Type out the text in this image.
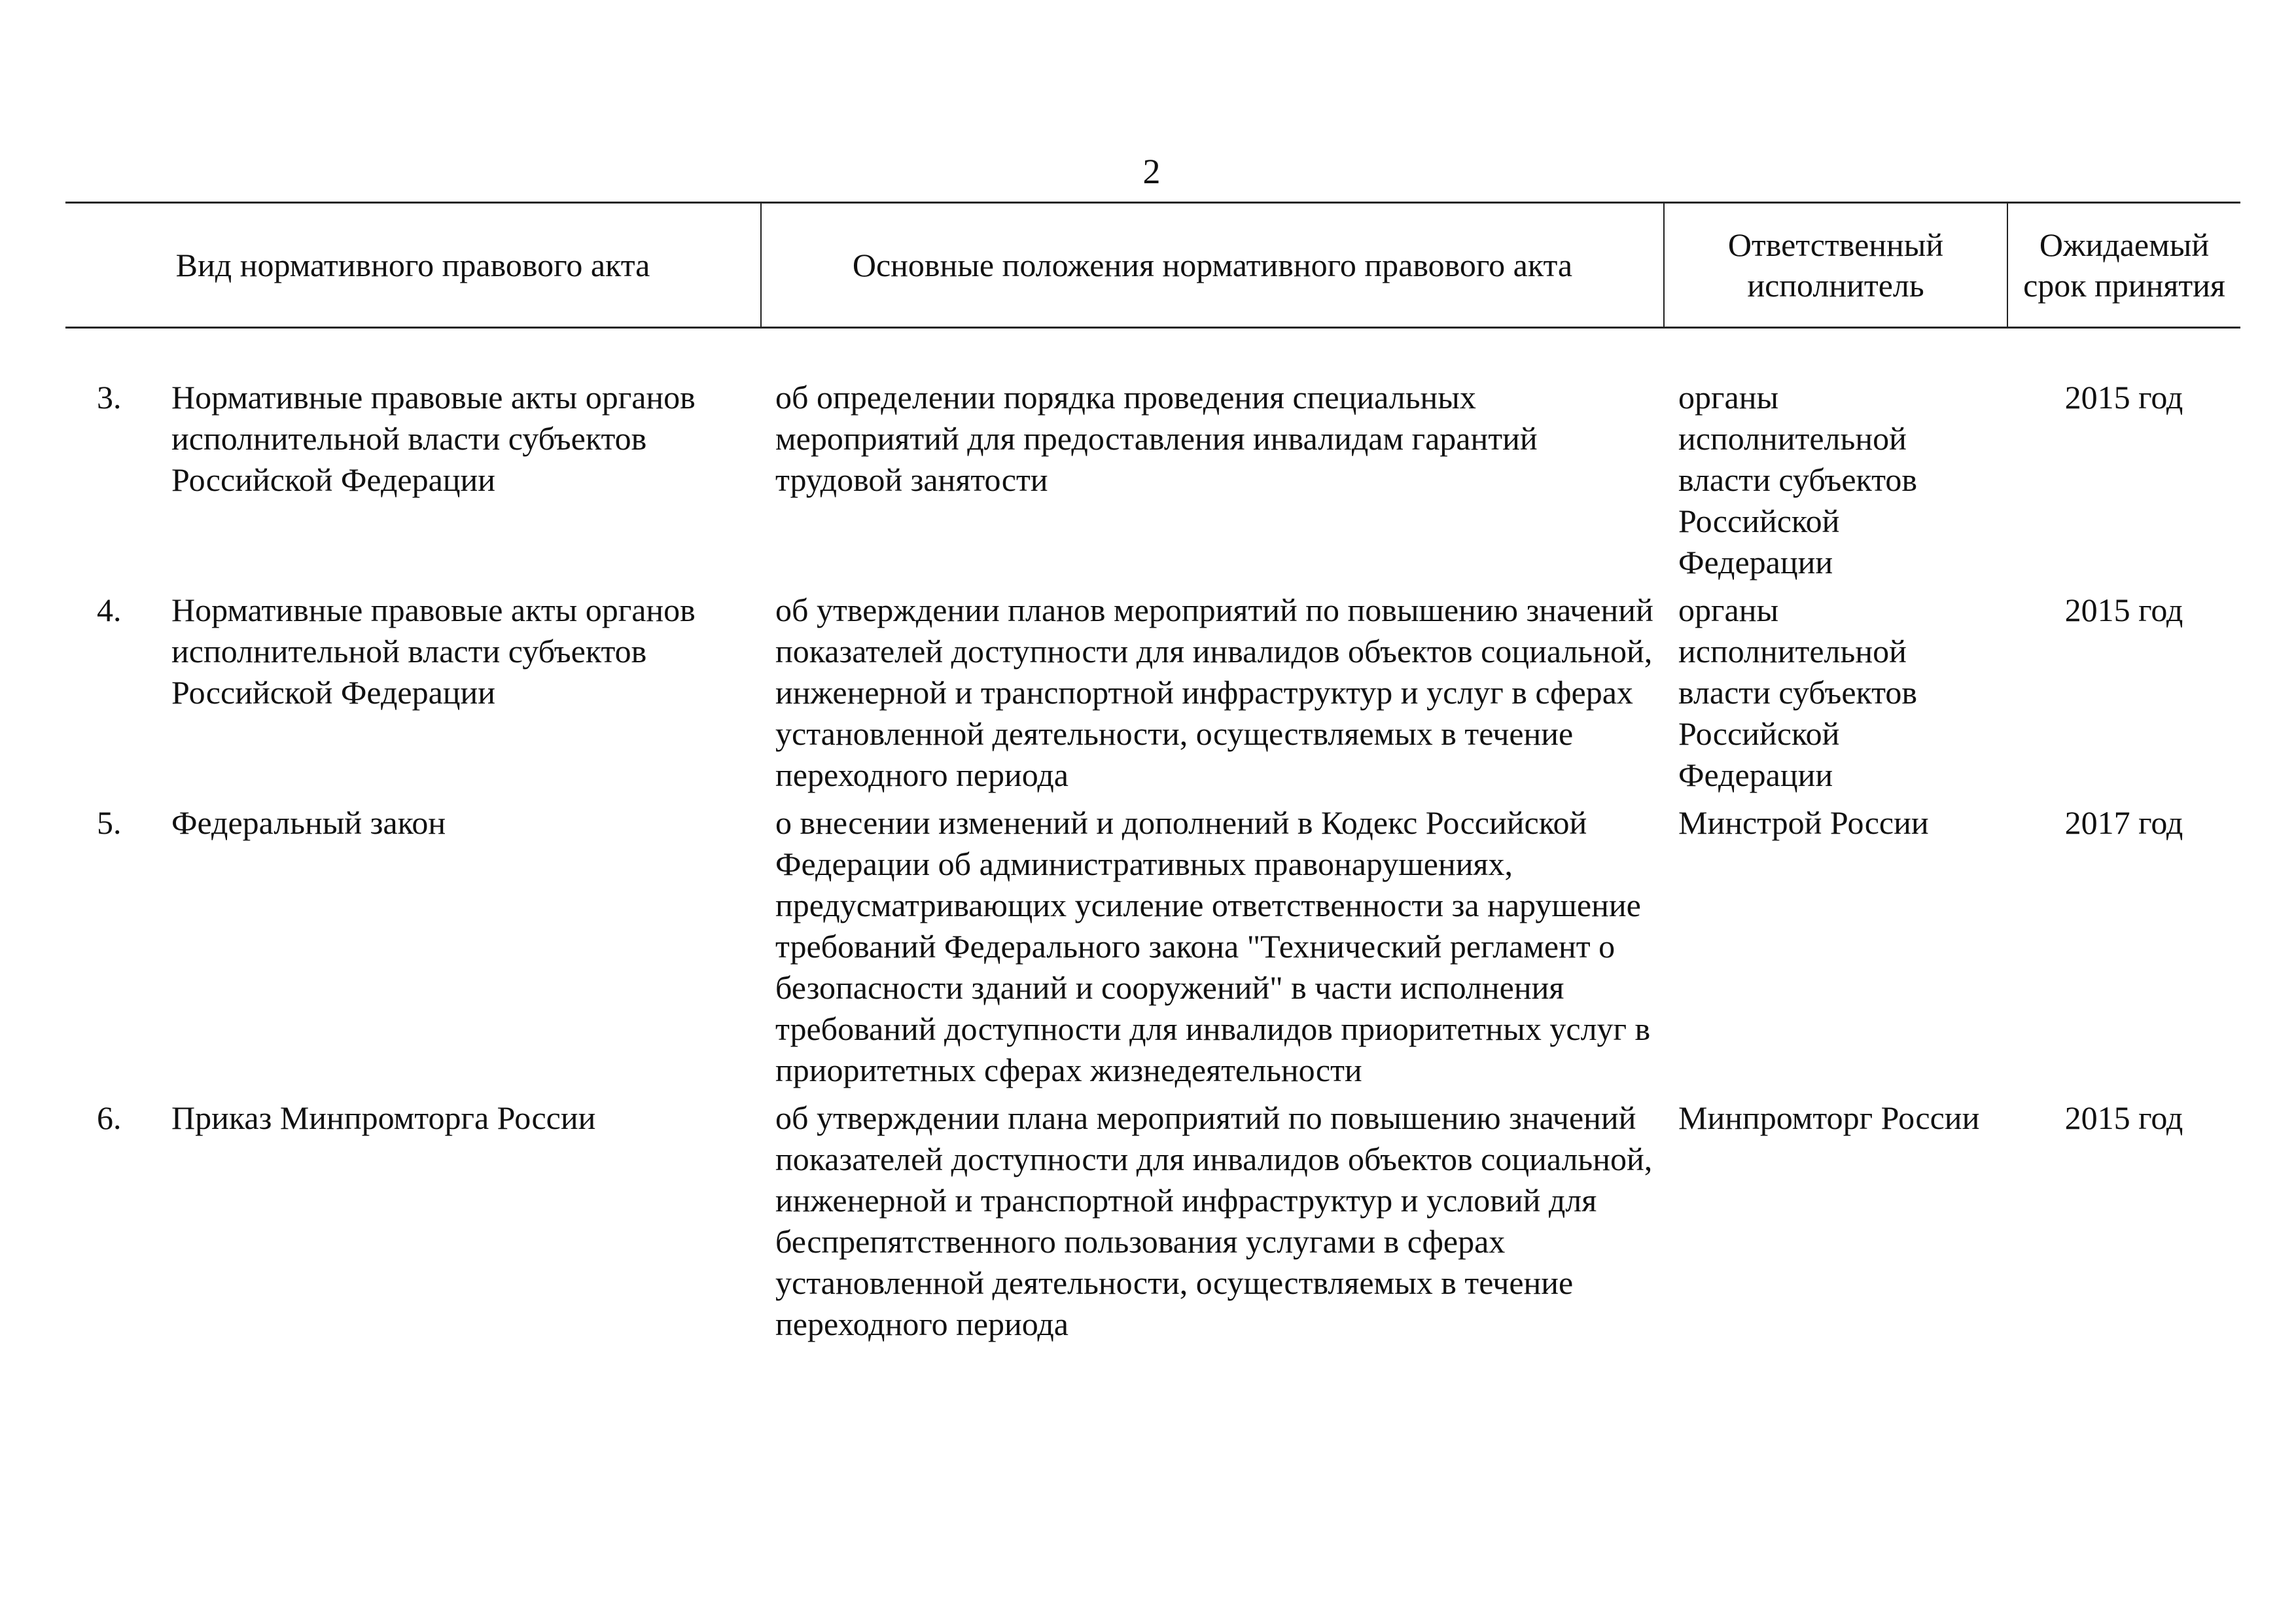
2
Вид нормативного правового акта	Основные положения нормативного правового акта	Ответственный исполнитель	Ожидаемый срок принятия

3. Нормативные правовые акты органов исполнительной власти субъектов Российской Федерации	об определении порядка проведения специальных мероприятий для предоставления инвалидам гарантий трудовой занятости	органы исполнительной власти субъектов Российской Федерации	2015 год

4. Нормативные правовые акты органов исполнительной власти субъектов Российской Федерации	об утверждении планов мероприятий по повышению значений показателей доступности для инвалидов объектов социальной, инженерной и транспортной инфраструктур и услуг в сферах установленной деятельности, осуществляемых в течение переходного периода	органы исполнительной власти субъектов Российской Федерации	2015 год

5. Федеральный закон	о внесении изменений и дополнений в Кодекс Российской Федерации об административных правонарушениях, предусматривающих усиление ответственности за нарушение требований Федерального закона "Технический регламент о безопасности зданий и сооружений" в части исполнения требований доступности для инвалидов приоритетных услуг в приоритетных сферах жизнедеятельности	Минстрой России	2017 год

6. Приказ Минпромторга России	об утверждении плана мероприятий по повышению значений показателей доступности для инвалидов объектов социальной, инженерной и транспортной инфраструктур и условий для беспрепятственного пользования услугами в сферах установленной деятельности, осуществляемых в течение переходного периода	Минпромторг России	2015 год
